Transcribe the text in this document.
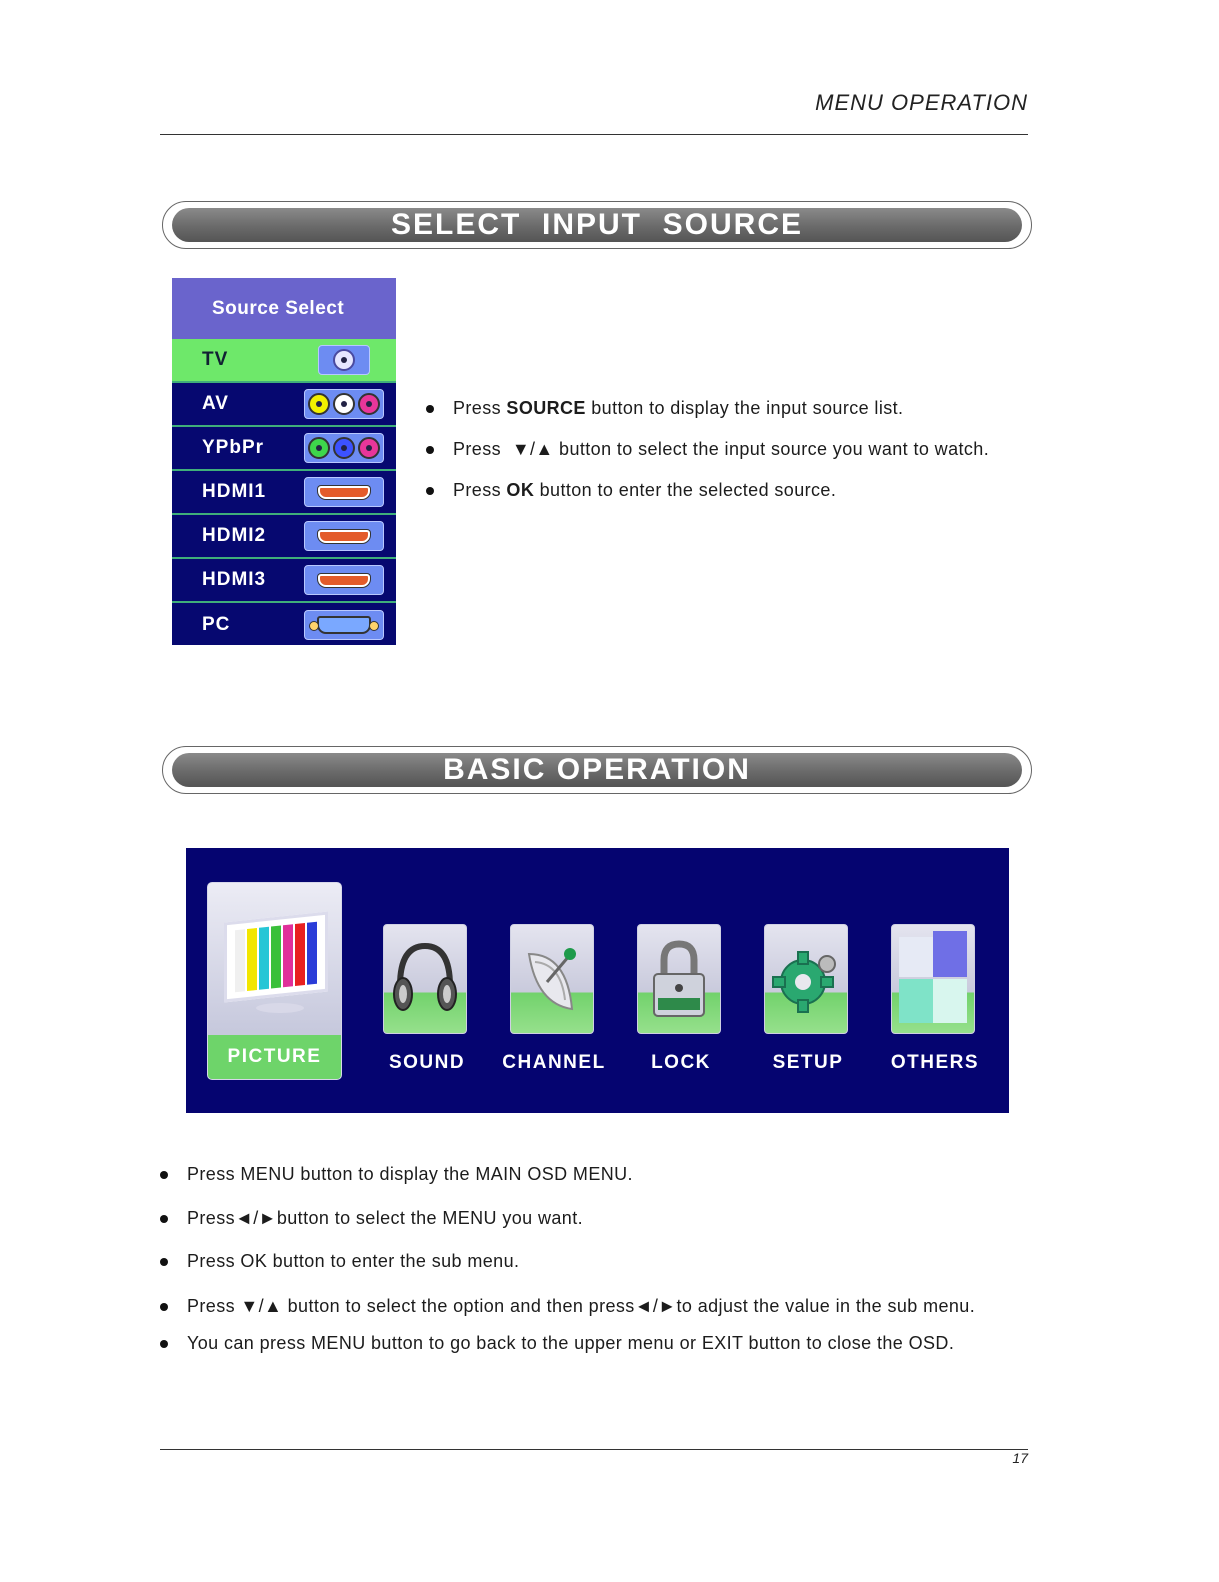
MENU OPERATION
SELECT  INPUT  SOURCE
Source Select
TV
AV
YPbPr
HDMI1
HDMI2
HDMI3
PC
Press SOURCE button to display the input source list.
Press  ▼/▲ button to select the input source you want to watch.
Press OK button to enter the selected source.
BASIC OPERATION
PICTURE	SOUND	CHANNEL	LOCK	SETUP	OTHERS
Press MENU button to display the MAIN OSD MENU.
Press◄/►button to select the MENU you want.
Press OK button to enter the sub menu.
Press ▼/▲ button to select the option and then press◄/►to adjust the value in the sub menu.
You can press MENU button to go back to the upper menu or EXIT button to close the OSD.
17
